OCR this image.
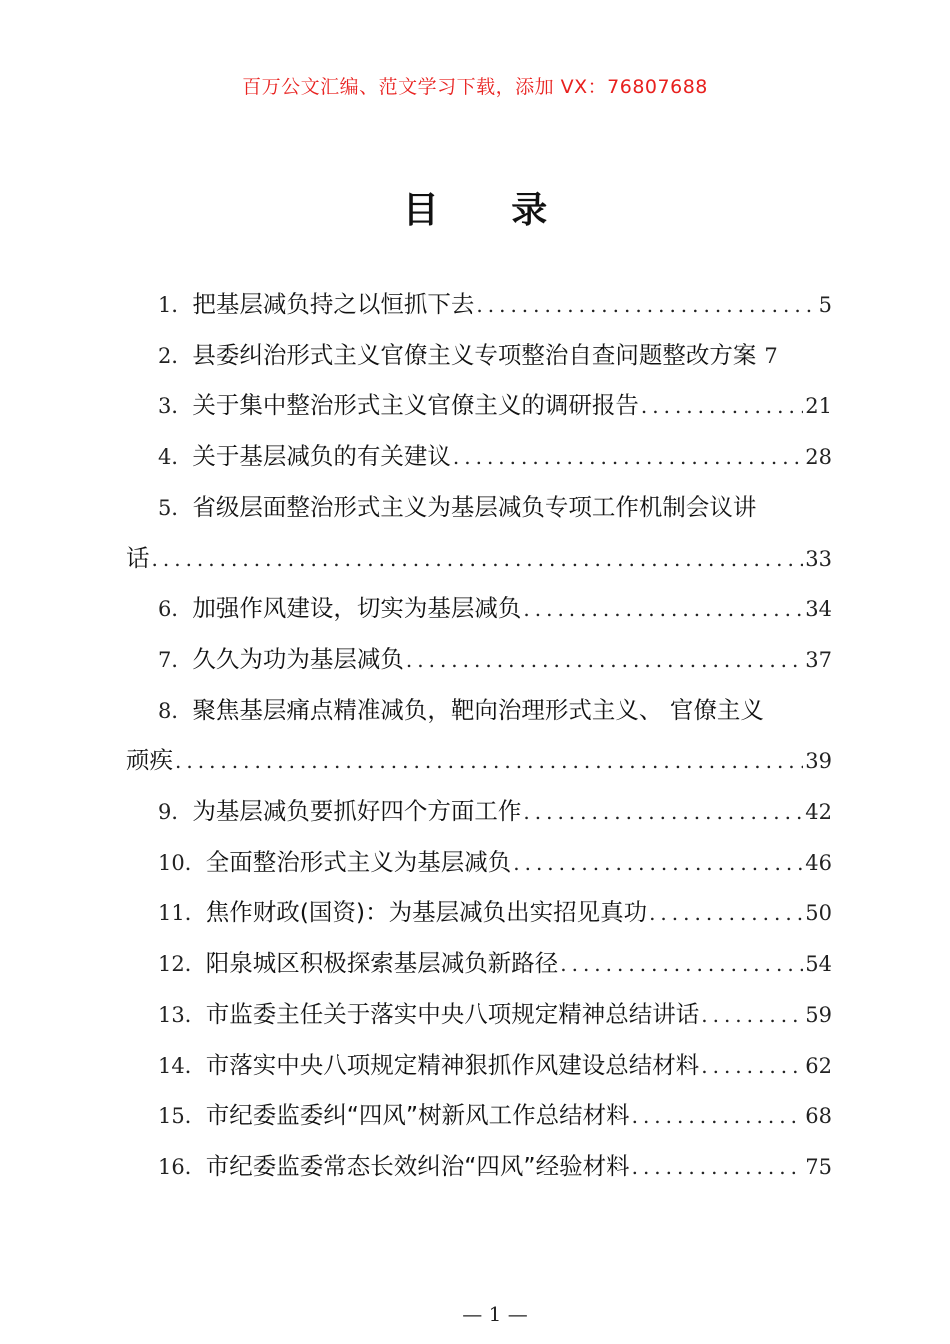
百万公文汇编、范文学习下载，添加 VX：76807688
目 录
1． 把基层减负持之以恒抓下去 .....	5
2． 县委纠治形式主义官僚主义专项整治自查问题整改方案 7
3． 关于集中整治形式主义官僚主义的调研报告 .....	21
4． 关于基层减负的有关建议 .....	28
5． 省级层面整治形式主义为基层减负专项工作机制会议讲
话 .....	33
6． 加强作风建设，切实为基层减负 .....	34
7． 久久为功为基层减负 .....	37
8． 聚焦基层痛点精准减负，靶向治理形式主义、 官僚主义
顽疾 .....	39
9． 为基层减负要抓好四个方面工作 .....	42
10． 全面整治形式主义为基层减负 .....	46
11． 焦作财政(国资)：为基层减负出实招见真功 .....	50
12． 阳泉城区积极探索基层减负新路径 .....	54
13． 市监委主任关于落实中央八项规定精神总结讲话 .....	59
14． 市落实中央八项规定精神狠抓作风建设总结材料 .....	62
15． 市纪委监委纠“四风”树新风工作总结材料 .....	68
16． 市纪委监委常态长效纠治“四风”经验材料 .....	75
— 1 —
